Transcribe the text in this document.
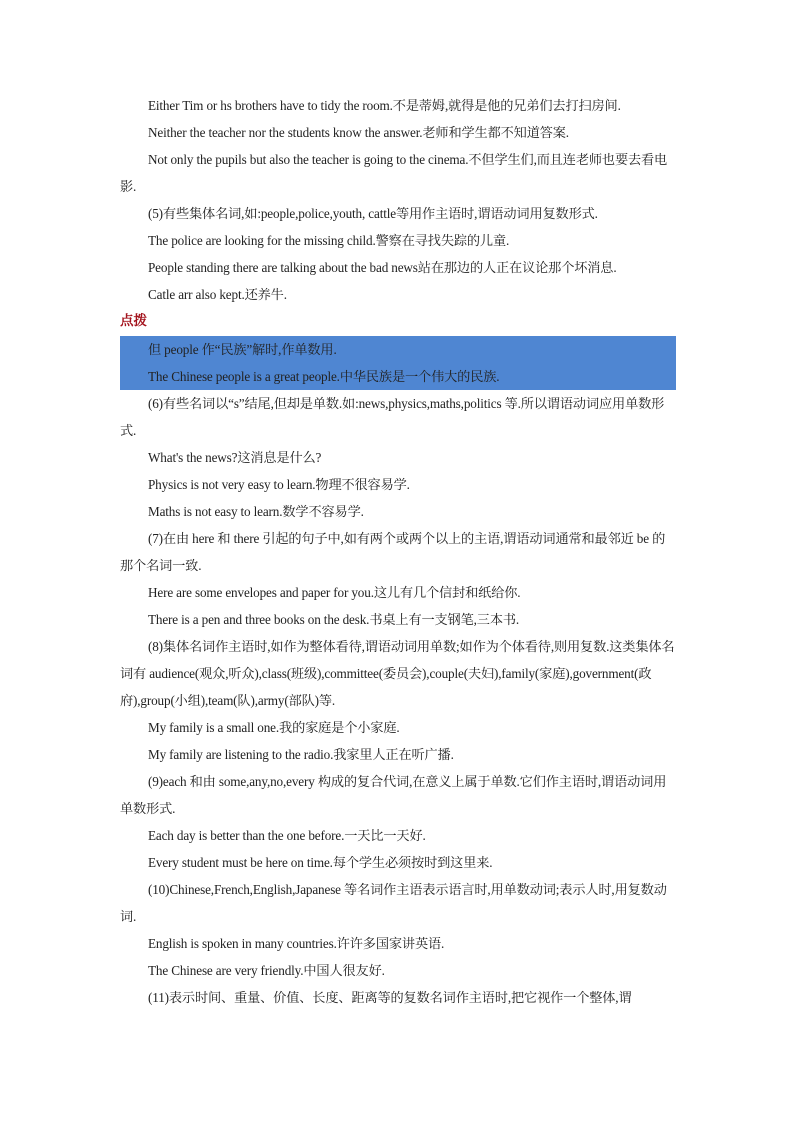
Either Tim or hs brothers have to tidy the room.不是蒂姆,就得是他的兄弟们去打扫房间.

Neither the teacher nor the students know the answer.老师和学生都不知道答案.

Not only the pupils but also the teacher is going to the cinema.不但学生们,而且连老师也要去看电影.

(5)有些集体名词,如:people,police,youth, cattle等用作主语时,谓语动词用复数形式.

The police are looking for the missing child.警察在寻找失踪的儿童.

People standing there are talking about the bad news站在那边的人正在议论那个坏消息.

Catle arr also kept.还养牛.

点拨

但 people 作“民族”解时,作单数用.

The Chinese people is a great people.中华民族是一个伟大的民族.

(6)有些名词以“s”结尾,但却是单数.如:news,physics,maths,politics 等.所以谓语动词应用单数形式.

What's the news?这消息是什么?

Physics is not very easy to learn.物理不很容易学.

Maths is not easy to learn.数学不容易学.

(7)在由 here 和 there 引起的句子中,如有两个或两个以上的主语,谓语动词通常和最邻近 be 的那个名词一致.

Here are some envelopes and paper for you.这儿有几个信封和纸给你.

There is a pen and three books on the desk.书桌上有一支钢笔,三本书.

(8)集体名词作主语时,如作为整体看待,谓语动词用单数;如作为个体看待,则用复数.这类集体名词有 audience(观众,听众),class(班级),committee(委员会),couple(夫妇),family(家庭),government(政府),group(小组),team(队),army(部队)等.

My family is a small one.我的家庭是个小家庭.

My family are listening to the radio.我家里人正在听广播.

(9)each 和由 some,any,no,every 构成的复合代词,在意义上属于单数.它们作主语时,谓语动词用单数形式.

Each day is better than the one before.一天比一天好.

Every student must be here on time.每个学生必须按时到这里来.

(10)Chinese,French,English,Japanese 等名词作主语表示语言时,用单数动词;表示人时,用复数动词.

English is spoken in many countries.许许多国家讲英语.

The Chinese are very friendly.中国人很友好.

(11)表示时间、重量、价值、长度、距离等的复数名词作主语时,把它视作一个整体,谓
